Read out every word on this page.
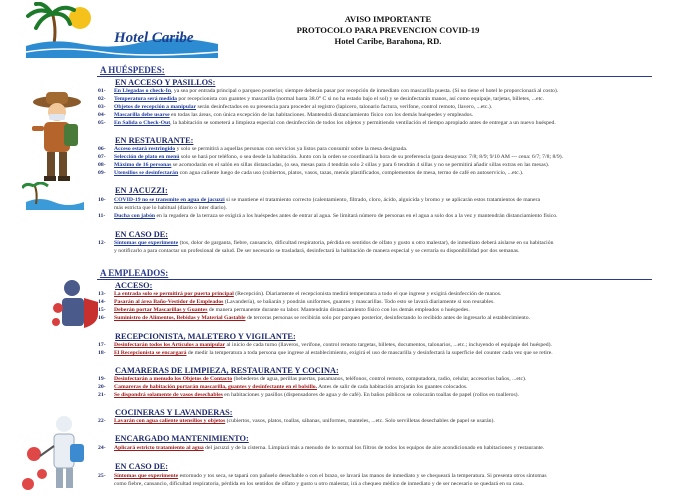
Hotel Caribe
AVISO IMPORTANTE
PROTOCOLO PARA PREVENCION COVID-19
Hotel Caribe, Barahona, RD.
A HUÉSPEDES:
EN ACCESO Y PASILLOS:
01- En Llegadas o check-In, ya sea por entrada principal o parqueo posterior, siempre deberán pasar por recepción de inmediato con mascarilla puesta. (Si no tiene el hotel le proporcionará al costo).
02- Temperatura será medida por recepcionista con guantes y mascarilla (normal hasta 38.0° C si no ha estado bajo el sol) y se desinfectarán manos, así como equipaje, tarjetas, billetes, ...etc.
03- Objetos de recepción a manipular serán desinfectados en su presencia para proceder al registro (lapicero, talonario factura, verifone, control remoto, llavero, ...etc.).
04- Mascarilla debe usarse en todas las áreas, con única excepción de las habitaciones. Mantendrá distanciamiento físico con los demás huéspedes y empleados.
05- En Salida o Check-Out, la habitación se someterá a limpieza especial con desinfección de todos los objetos y permitiendo ventilación el tiempo apropiado antes de entregar a un nuevo huésped.
EN RESTAURANTE:
06- Acceso estará restringido y solo se permitirá a aquellas personas con servicios ya listos para consumir sobre la mesa designada.
07- Selección de plato en menú solo se hará por teléfono, o sea desde la habitación. Junto con la orden se coordinará la hora de su preferencia (para desayuno: 7/8; 8/9; 9/10 AM --- cena: 6/7; 7/8; 8/9).
08- Máximo de 16 personas se acomodarán en el salón en sillas distanciadas, (o sea, mesas para 4 tendrán solo 2 sillas y para 6 tendrán 4 sillas y no se permitirá añadir sillas extras en las mesas).
09- Utensilios se desinfectarán con agua caliente luego de cada uso (cubiertos, platos, vasos, tazas, menús plastificados, complementos de mesa, termo de café en autoservicio, ...etc.).
EN JACUZZI:
10- COVID-19 no se transmite en agua de jacuzzi si se mantiene el tratamiento correcto (calentamiento, filtrado, cloro, ácido, alguicida y bromo y se aplicarán estos tratamientos de manera
más estricta que lo habitual (diario o inter diario).
11- Ducha con jabón en la regadera de la terraza se exigirá a los huéspedes antes de entrar al agua. Se limitará número de personas en el agua a solo dos a la vez y mantendrán distanciamiento físico.
EN CASO DE:
12- Síntomas que experimente (tos, dolor de garganta, fiebre, cansancio, dificultad respiratoria, pérdida en sentidos de olfato y gusto u otro malestar), de inmediato deberá aislarse en su habitación
y notificarlo a para contactar un profesional de salud. De ser necesario se trasladará, desinfectará la habitación de manera especial y se cerraría su disponibilidad por dos semanas.
A EMPLEADOS:
ACCESO:
13- La entrada solo se permitirá por puerta principal (Recepción). Diariamente el recepcionista medirá temperatura a todo el que ingrese y exigirá desinfección de manos.
14- Pasarán al área Baño-Vestidor de Empleados (Lavandería), se bañarán y pondrán uniformes, guantes y mascarillas. Todo esto se lavará diariamente si son reusables.
15- Deberán portar Mascarillas y Guantes de manera permanente durante su labor. Mantendrán distanciamiento físico con los demás empleados o huéspedes.
16- Suministro de Alimentos, Bebidas y Material Gastable de terceras personas se recibirán solo por parqueo posterior, desinfectando lo recibido antes de ingresarlo al establecimiento.
RECEPCIONISTA, MALETERO Y VIGILANTE:
17- Desinfectarán todos los Artículos a manipular al inicio de cada turno (llaveros, verifone, control remoto targetas, billetes, documentos, talonarios, ...etc.; incluyendo el equipaje del huésped).
18- El Recepcionista se encargará de medir la temperatura a toda persona que ingrese al establecimiento, exigirá el uso de mascarilla y desinfectará la superficie del counter cada vez que se retire.
CAMARERAS DE LIMPIEZA, RESTAURANTE Y COCINA:
19- Desinfectarán a menudo los Objetos de Contacto (bebederos de agua, perillas puertas, pasamanos, teléfonos, control remoto, computadora, radio, celular, accesorios baños, ...etc).
20- Camareras de habitación portarán mascarilla, guantes y desinfectante en el bolsillo. Antes de salir de cada habitación arrojarán los guantes colocados.
21- Se dispondrá solamente de vasos desechables en habitaciones y pasillos (dispensadores de agua y de café). En baños públicos se colocarán toallas de papel (rollos en toalleros).
COCINERAS Y LAVANDERAS:
22- Lavarán con agua caliente utensilios y objetos (cubiertos, vasos, platos, toallas, sábanas, uniformes, manteles, ...etc. Solo servilletas desechables de papel se usarán).
ENCARGADO MANTENIMIENTO:
24- Aplicará estricto tratamiento al agua del jacuzzi y de la cisterna. Limpiará más a menudo de lo normal los filtros de todos los equipos de aire acondicionado en habitaciones y restaurante.
EN CASO DE:
25- Síntomas que experimente estornudo y tos seca, se tapará con pañuelo desechable o con el brazo, se lavará las manos de inmediato y se chequeará la temperatura. Si presenta otros síntomas
como fiebre, cansancio, dificultad respiratoria, pérdida en los sentidos de olfato y gusto u otro malestar, irá a chequeo médico de inmediato y de ser necesario se quedará en su casa.
